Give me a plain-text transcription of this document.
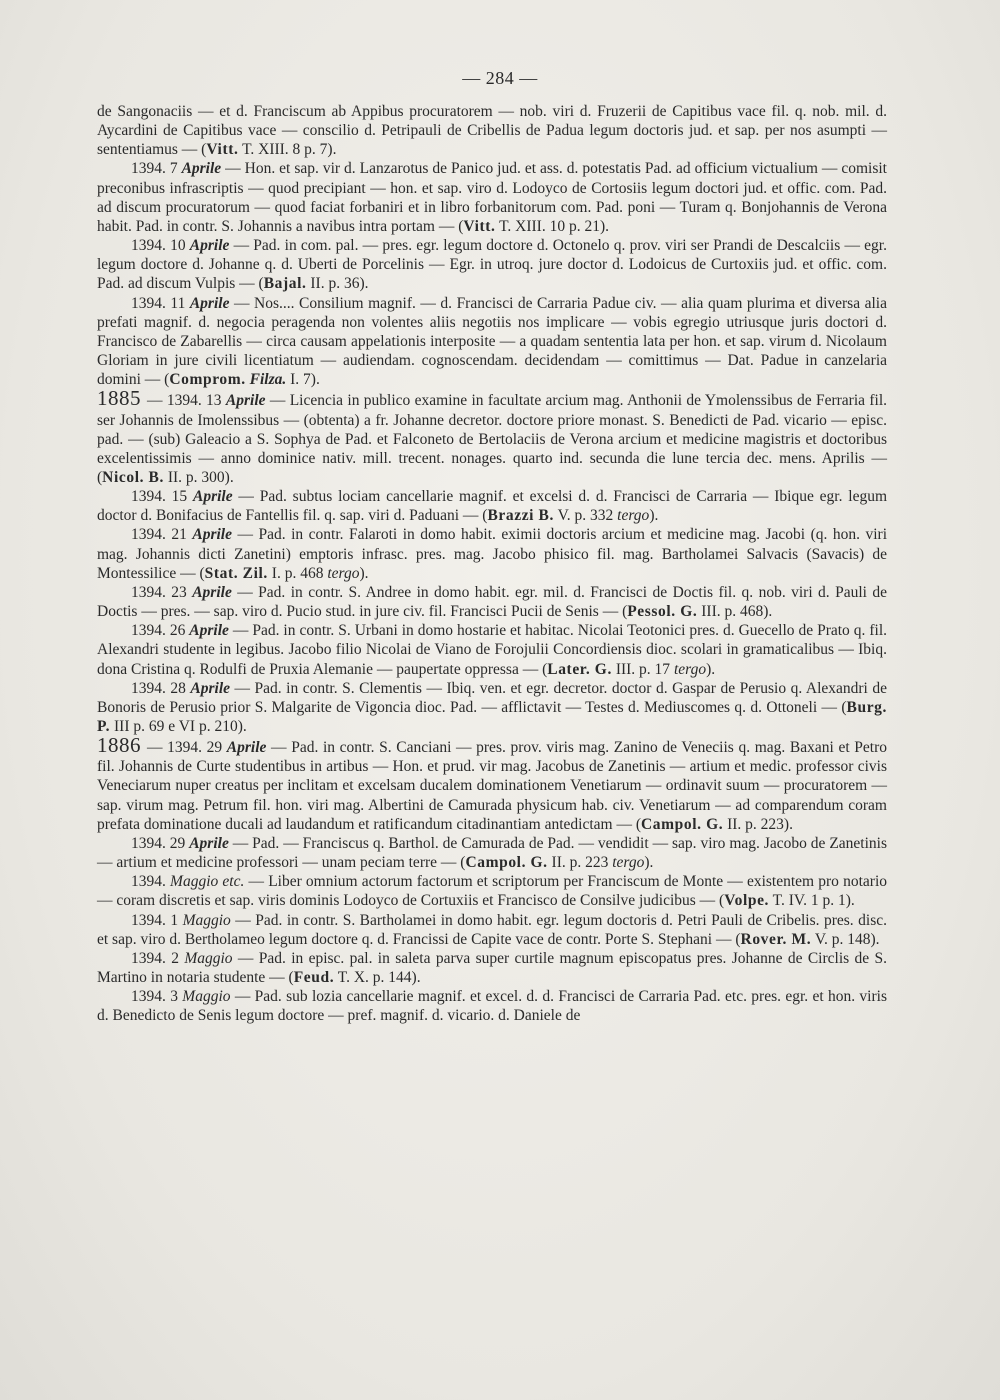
— 284 —

de Sangonaciis — et d. Franciscum ab Appibus procuratorem — nob. viri d. Fruzerii de Capitibus vace fil. q. nob. mil. d. Aycardini de Capitibus vace — conscilio d. Petripauli de Cribellis de Padua legum doctoris jud. et sap. per nos asumpti — sententiamus — (Vitt. T. XIII. 8 p. 7).

1394. 7 Aprile — Hon. et sap. vir d. Lanzarotus de Panico jud. et ass. d. potestatis Pad. ad officium victualium — comisit preconibus infrascriptis — quod precipiant — hon. et sap. viro d. Lodoyco de Cortosiis legum doctori jud. et offic. com. Pad. ad discum procuratorum — quod faciat forbaniri et in libro forbanitorum com. Pad. poni — Turam q. Bonjohannis de Verona habit. Pad. in contr. S. Johannis a navibus intra portam — (Vitt. T. XIII. 10 p. 21).

1394. 10 Aprile — Pad. in com. pal. — pres. egr. legum doctore d. Octonelo q. prov. viri ser Prandi de Descalciis — egr. legum doctore d. Johanne q. d. Uberti de Porcelinis — Egr. in utroq. jure doctor d. Lodoicus de Curtoxiis jud. et offic. com. Pad. ad discum Vulpis — (Bajal. II. p. 36).

1394. 11 Aprile — Nos.... Consilium magnif. — d. Francisci de Carraria Padue civ. — alia quam plurima et diversa alia prefati magnif. d. negocia peragenda non volentes aliis negotiis nos implicare — vobis egregio utriusque juris doctori d. Francisco de Zabarellis — circa causam appelationis interposite — a quadam sententia lata per hon. et sap. virum d. Nicolaum Gloriam in jure civili licentiatum — audiendam. cognoscendam. decidendam — comittimus — Dat. Padue in canzelaria domini — (Comprom. Filza. I. 7).

1885 — 1394. 13 Aprile — Licencia in publico examine in facultate arcium mag. Anthonii de Ymolenssibus de Ferraria fil. ser Johannis de Imolenssibus — (obtenta) a fr. Johanne decretor. doctore priore monast. S. Benedicti de Pad. vicario — episc. pad. — (sub) Galeacio a S. Sophya de Pad. et Falconeto de Bertolaciis de Verona arcium et medicine magistris et doctoribus excelentissimis — anno dominice nativ. mill. trecent. nonages. quarto ind. secunda die lune tercia dec. mens. Aprilis — (Nicol. B. II. p. 300).

1394. 15 Aprile — Pad. subtus lociam cancellarie magnif. et excelsi d. d. Francisci de Carraria — Ibique egr. legum doctor d. Bonifacius de Fantellis fil. q. sap. viri d. Paduani — (Brazzi B. V. p. 332 tergo).

1394. 21 Aprile — Pad. in contr. Falaroti in domo habit. eximii doctoris arcium et medicine mag. Jacobi (q. hon. viri mag. Johannis dicti Zanetini) emptoris infrasc. pres. mag. Jacobo phisico fil. mag. Bartholamei Salvacis (Savacis) de Montessilice — (Stat. Zil. I. p. 468 tergo).

1394. 23 Aprile — Pad. in contr. S. Andree in domo habit. egr. mil. d. Francisci de Doctis fil. q. nob. viri d. Pauli de Doctis — pres. — sap. viro d. Pucio stud. in jure civ. fil. Francisci Pucii de Senis — (Pessol. G. III. p. 468).

1394. 26 Aprile — Pad. in contr. S. Urbani in domo hostarie et habitac. Nicolai Teotonici pres. d. Guecello de Prato q. fil. Alexandri studente in legibus. Jacobo filio Nicolai de Viano de Forojulii Concordiensis dioc. scolari in gramaticalibus — Ibiq. dona Cristina q. Rodulfi de Pruxia Alemanie — paupertate oppressa — (Later. G. III. p. 17 tergo).

1394. 28 Aprile — Pad. in contr. S. Clementis — Ibiq. ven. et egr. decretor. doctor d. Gaspar de Perusio q. Alexandri de Bonoris de Perusio prior S. Malgarite de Vigoncia dioc. Pad. — afflictavit — Testes d. Mediuscomes q. d. Ottoneli — (Burg. P. III p. 69 e VI p. 210).

1886 — 1394. 29 Aprile — Pad. in contr. S. Canciani — pres. prov. viris mag. Zanino de Veneciis q. mag. Baxani et Petro fil. Johannis de Curte studentibus in artibus — Hon. et prud. vir mag. Jacobus de Zanetinis — artium et medic. professor civis Veneciarum nuper creatus per inclitam et excelsam ducalem dominationem Venetiarum — ordinavit suum — procuratorem — sap. virum mag. Petrum fil. hon. viri mag. Albertini de Camurada physicum hab. civ. Venetiarum — ad comparendum coram prefata dominatione ducali ad laudandum et ratificandum citadinantiam antedictam — (Campol. G. II. p. 223).

1394. 29 Aprile — Pad. — Franciscus q. Barthol. de Camurada de Pad. — vendidit — sap. viro mag. Jacobo de Zanetinis — artium et medicine professori — unam peciam terre — (Campol. G. II. p. 223 tergo).

1394. Maggio etc. — Liber omnium actorum factorum et scriptorum per Franciscum de Monte — existentem pro notario — coram discretis et sap. viris dominis Lodoyco de Cortuxiis et Francisco de Consilve judicibus — (Volpe. T. IV. 1 p. 1).

1394. 1 Maggio — Pad. in contr. S. Bartholamei in domo habit. egr. legum doctoris d. Petri Pauli de Cribelis. pres. disc. et sap. viro d. Bertholameo legum doctore q. d. Francissi de Capite vace de contr. Porte S. Stephani — (Rover. M. V. p. 148).

1394. 2 Maggio — Pad. in episc. pal. in saleta parva super curtile magnum episcopatus pres. Johanne de Circlis de S. Martino in notaria studente — (Feud. T. X. p. 144).

1394. 3 Maggio — Pad. sub lozia cancellarie magnif. et excel. d. d. Francisci de Carraria Pad. etc. pres. egr. et hon. viris d. Benedicto de Senis legum doctore — pref. magnif. d. vicario. d. Daniele de
